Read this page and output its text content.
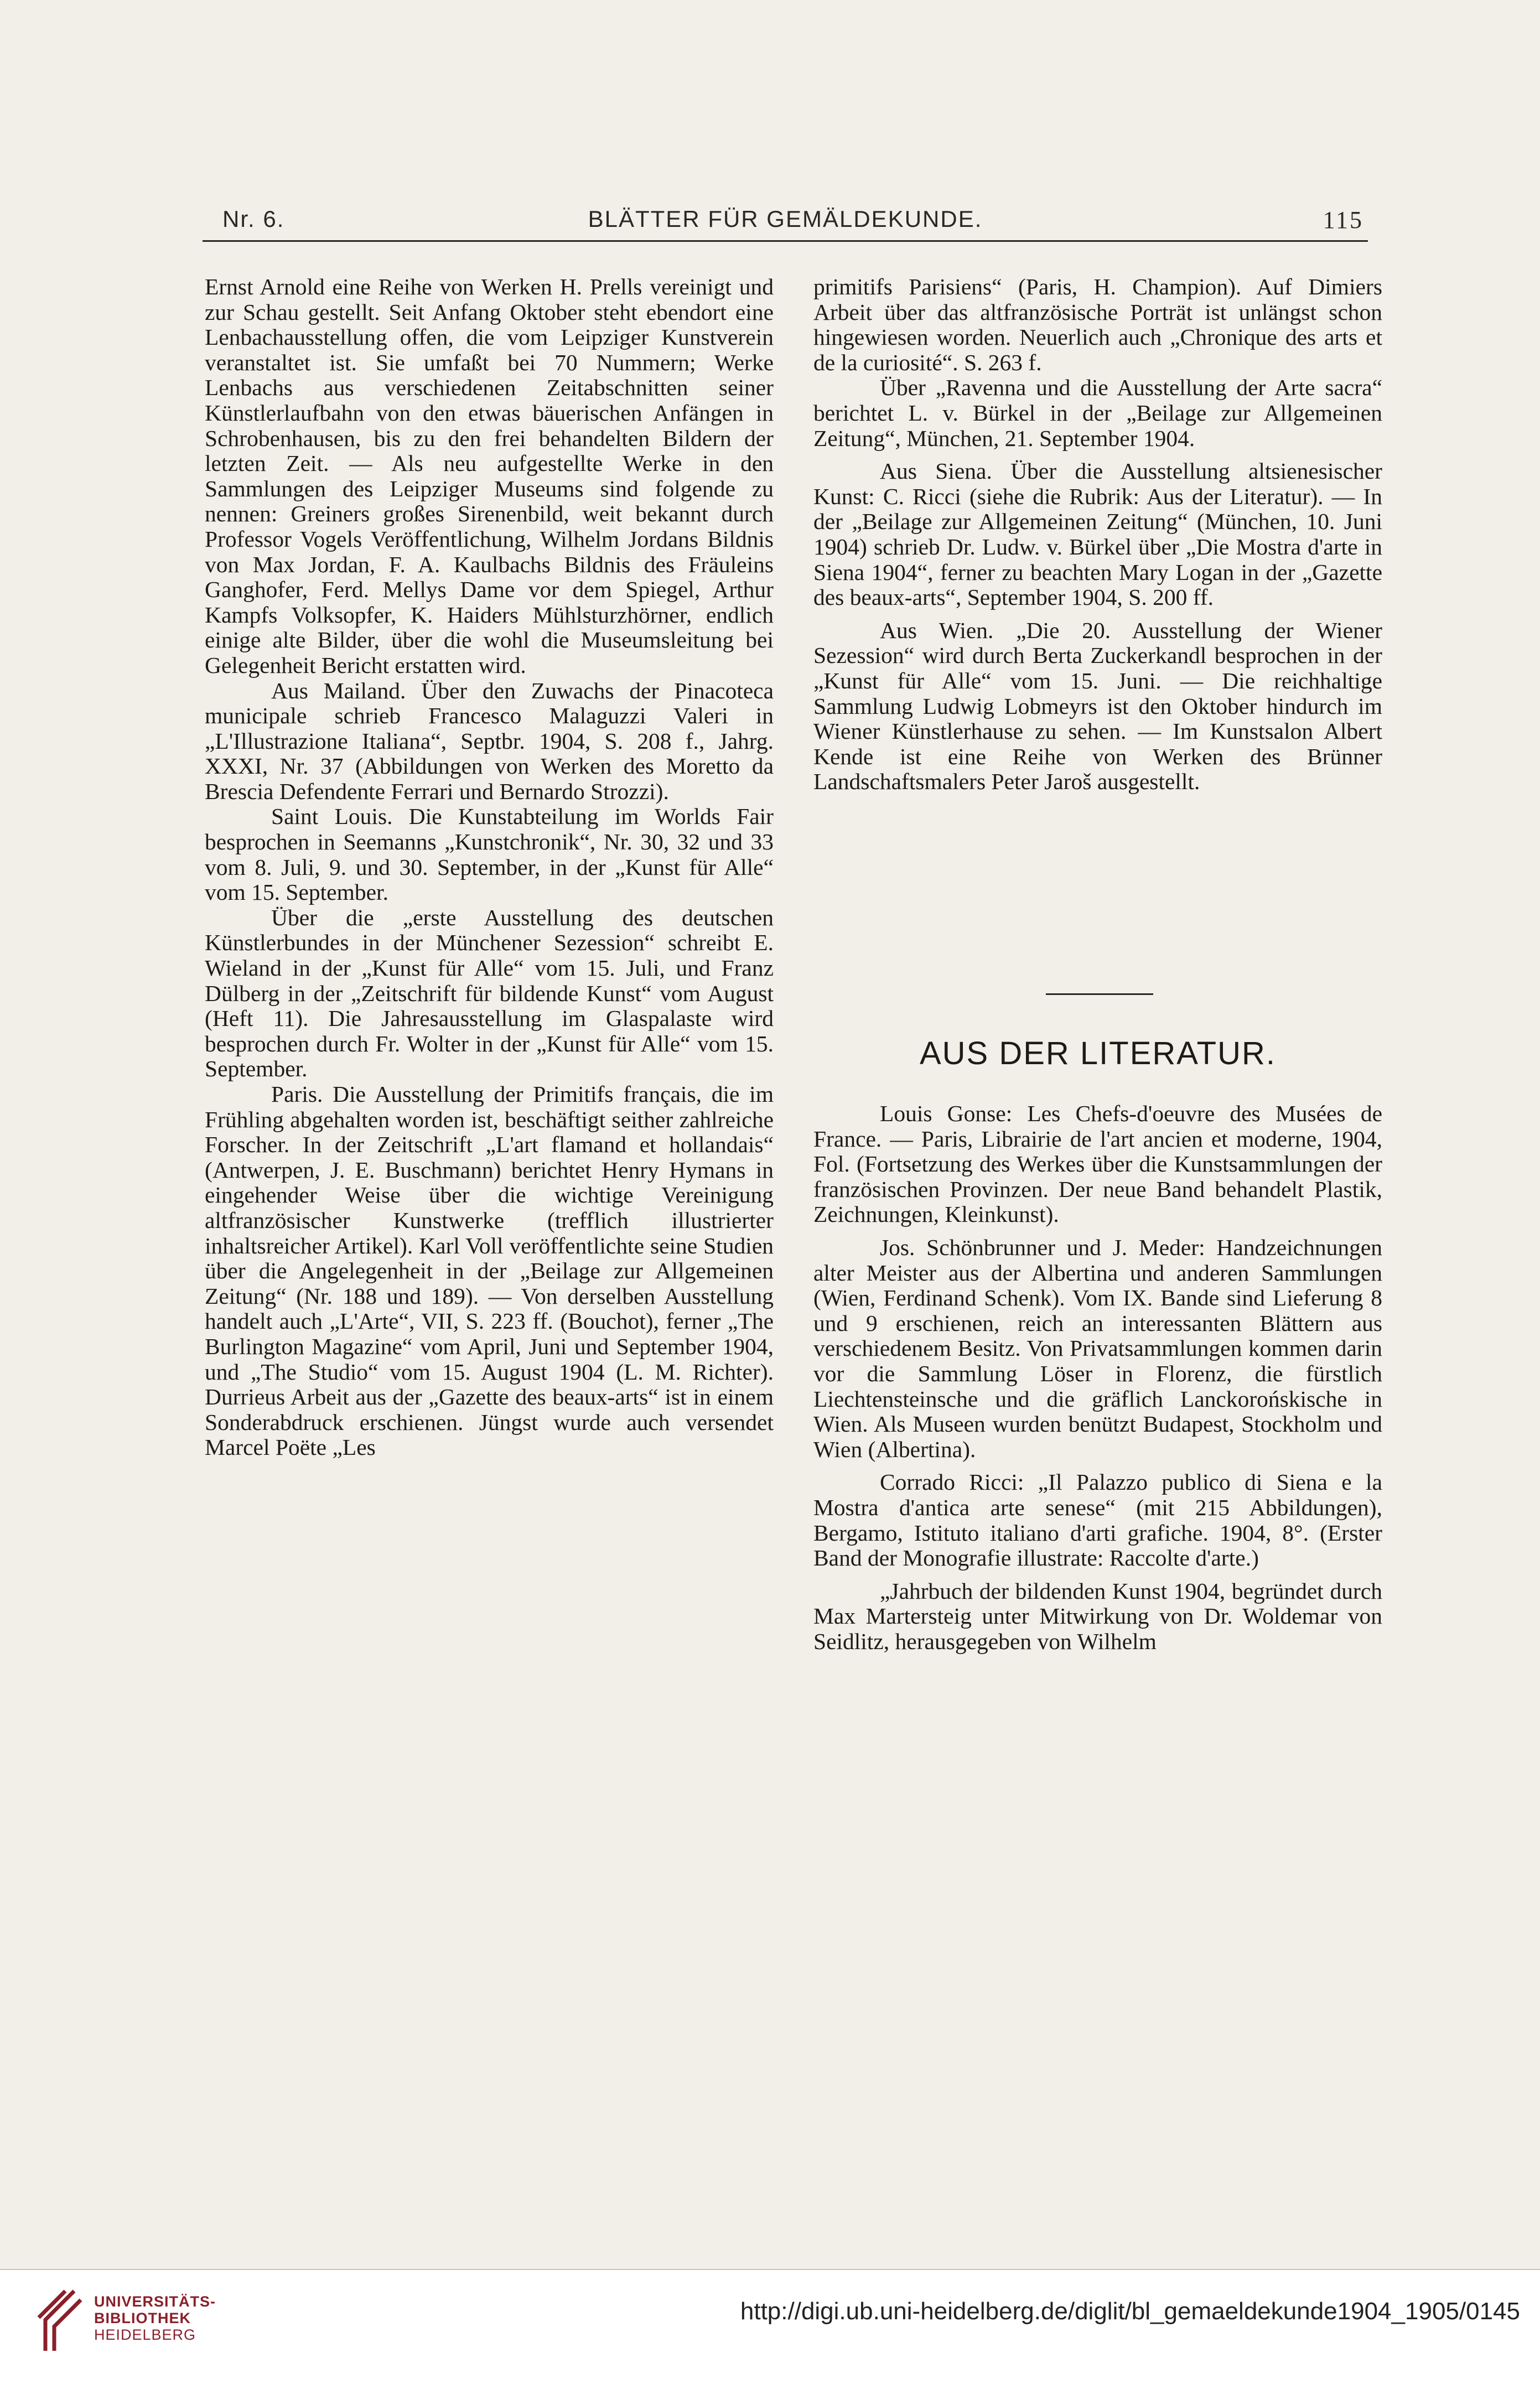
Nr. 6.	BLÄTTER FÜR GEMÄLDEKUNDE.	115

Ernst Arnold eine Reihe von Werken H. Prells vereinigt und zur Schau gestellt. Seit Anfang Oktober steht ebendort eine Lenbachausstellung offen, die vom Leipziger Kunstverein veranstaltet ist. Sie umfaßt bei 70 Nummern; Werke Lenbachs aus verschiedenen Zeitabschnitten seiner Künstlerlaufbahn von den etwas bäuerischen Anfängen in Schrobenhausen, bis zu den frei behandelten Bildern der letzten Zeit. — Als neu aufgestellte Werke in den Sammlungen des Leipziger Museums sind folgende zu nennen: Greiners großes Sirenenbild, weit bekannt durch Professor Vogels Veröffentlichung, Wilhelm Jordans Bildnis von Max Jordan, F. A. Kaulbachs Bildnis des Fräuleins Ganghofer, Ferd. Mellys Dame vor dem Spiegel, Arthur Kampfs Volksopfer, K. Haiders Mühlsturzhörner, endlich einige alte Bilder, über die wohl die Museumsleitung bei Gelegenheit Bericht erstatten wird.

Aus Mailand. Über den Zuwachs der Pinacoteca municipale schrieb Francesco Malaguzzi Valeri in „L'Illustrazione Italiana“, Septbr. 1904, S. 208 f., Jahrg. XXXI, Nr. 37 (Abbildungen von Werken des Moretto da Brescia Defendente Ferrari und Bernardo Strozzi).

Saint Louis. Die Kunstabteilung im Worlds Fair besprochen in Seemanns „Kunstchronik“, Nr. 30, 32 und 33 vom 8. Juli, 9. und 30. September, in der „Kunst für Alle“ vom 15. September.

Über die „erste Ausstellung des deutschen Künstlerbundes in der Münchener Sezession“ schreibt E. Wieland in der „Kunst für Alle“ vom 15. Juli, und Franz Dülberg in der „Zeitschrift für bildende Kunst“ vom August (Heft 11). Die Jahresausstellung im Glaspalaste wird besprochen durch Fr. Wolter in der „Kunst für Alle“ vom 15. September.

Paris. Die Ausstellung der Primitifs français, die im Frühling abgehalten worden ist, beschäftigt seither zahlreiche Forscher. In der Zeitschrift „L'art flamand et hollandais“ (Antwerpen, J. E. Buschmann) berichtet Henry Hymans in eingehender Weise über die wichtige Vereinigung altfranzösischer Kunstwerke (trefflich illustrierter inhaltsreicher Artikel). Karl Voll veröffentlichte seine Studien über die Angelegenheit in der „Beilage zur Allgemeinen Zeitung“ (Nr. 188 und 189). — Von derselben Ausstellung handelt auch „L'Arte“, VII, S. 223 ff. (Bouchot), ferner „The Burlington Magazine“ vom April, Juni und September 1904, und „The Studio“ vom 15. August 1904 (L. M. Richter). Durrieus Arbeit aus der „Gazette des beaux-arts“ ist in einem Sonderabdruck erschienen. Jüngst wurde auch versendet Marcel Poëte „Les

primitifs Parisiens“ (Paris, H. Champion). Auf Dimiers Arbeit über das altfranzösische Porträt ist unlängst schon hingewiesen worden. Neuerlich auch „Chronique des arts et de la curiosité“. S. 263 f.

Über „Ravenna und die Ausstellung der Arte sacra“ berichtet L. v. Bürkel in der „Beilage zur Allgemeinen Zeitung“, München, 21. September 1904.

Aus Siena. Über die Ausstellung altsienesischer Kunst: C. Ricci (siehe die Rubrik: Aus der Literatur). — In der „Beilage zur Allgemeinen Zeitung“ (München, 10. Juni 1904) schrieb Dr. Ludw. v. Bürkel über „Die Mostra d'arte in Siena 1904“, ferner zu beachten Mary Logan in der „Gazette des beaux-arts“, September 1904, S. 200 ff.

Aus Wien. „Die 20. Ausstellung der Wiener Sezession“ wird durch Berta Zuckerkandl besprochen in der „Kunst für Alle“ vom 15. Juni. — Die reichhaltige Sammlung Ludwig Lobmeyrs ist den Oktober hindurch im Wiener Künstlerhause zu sehen. — Im Kunstsalon Albert Kende ist eine Reihe von Werken des Brünner Landschaftsmalers Peter Jaroš ausgestellt.

AUS DER LITERATUR.

Louis Gonse: Les Chefs-d'oeuvre des Musées de France. — Paris, Librairie de l'art ancien et moderne, 1904, Fol. (Fortsetzung des Werkes über die Kunstsammlungen der französischen Provinzen. Der neue Band behandelt Plastik, Zeichnungen, Kleinkunst).

Jos. Schönbrunner und J. Meder: Handzeichnungen alter Meister aus der Albertina und anderen Sammlungen (Wien, Ferdinand Schenk). Vom IX. Bande sind Lieferung 8 und 9 erschienen, reich an interessanten Blättern aus verschiedenem Besitz. Von Privatsammlungen kommen darin vor die Sammlung Löser in Florenz, die fürstlich Liechtensteinsche und die gräflich Lanckorońskische in Wien. Als Museen wurden benützt Budapest, Stockholm und Wien (Albertina).

Corrado Ricci: „Il Palazzo publico di Siena e la Mostra d'antica arte senese“ (mit 215 Abbildungen), Bergamo, Istituto italiano d'arti grafiche. 1904, 8°. (Erster Band der Monografie illustrate: Raccolte d'arte.)

„Jahrbuch der bildenden Kunst 1904, begründet durch Max Martersteig unter Mitwirkung von Dr. Woldemar von Seidlitz, herausgegeben von Wilhelm

UNIVERSITÄTS-
BIBLIOTHEK
HEIDELBERG
http://digi.ub.uni-heidelberg.de/diglit/bl_gemaeldekunde1904_1905/0145
